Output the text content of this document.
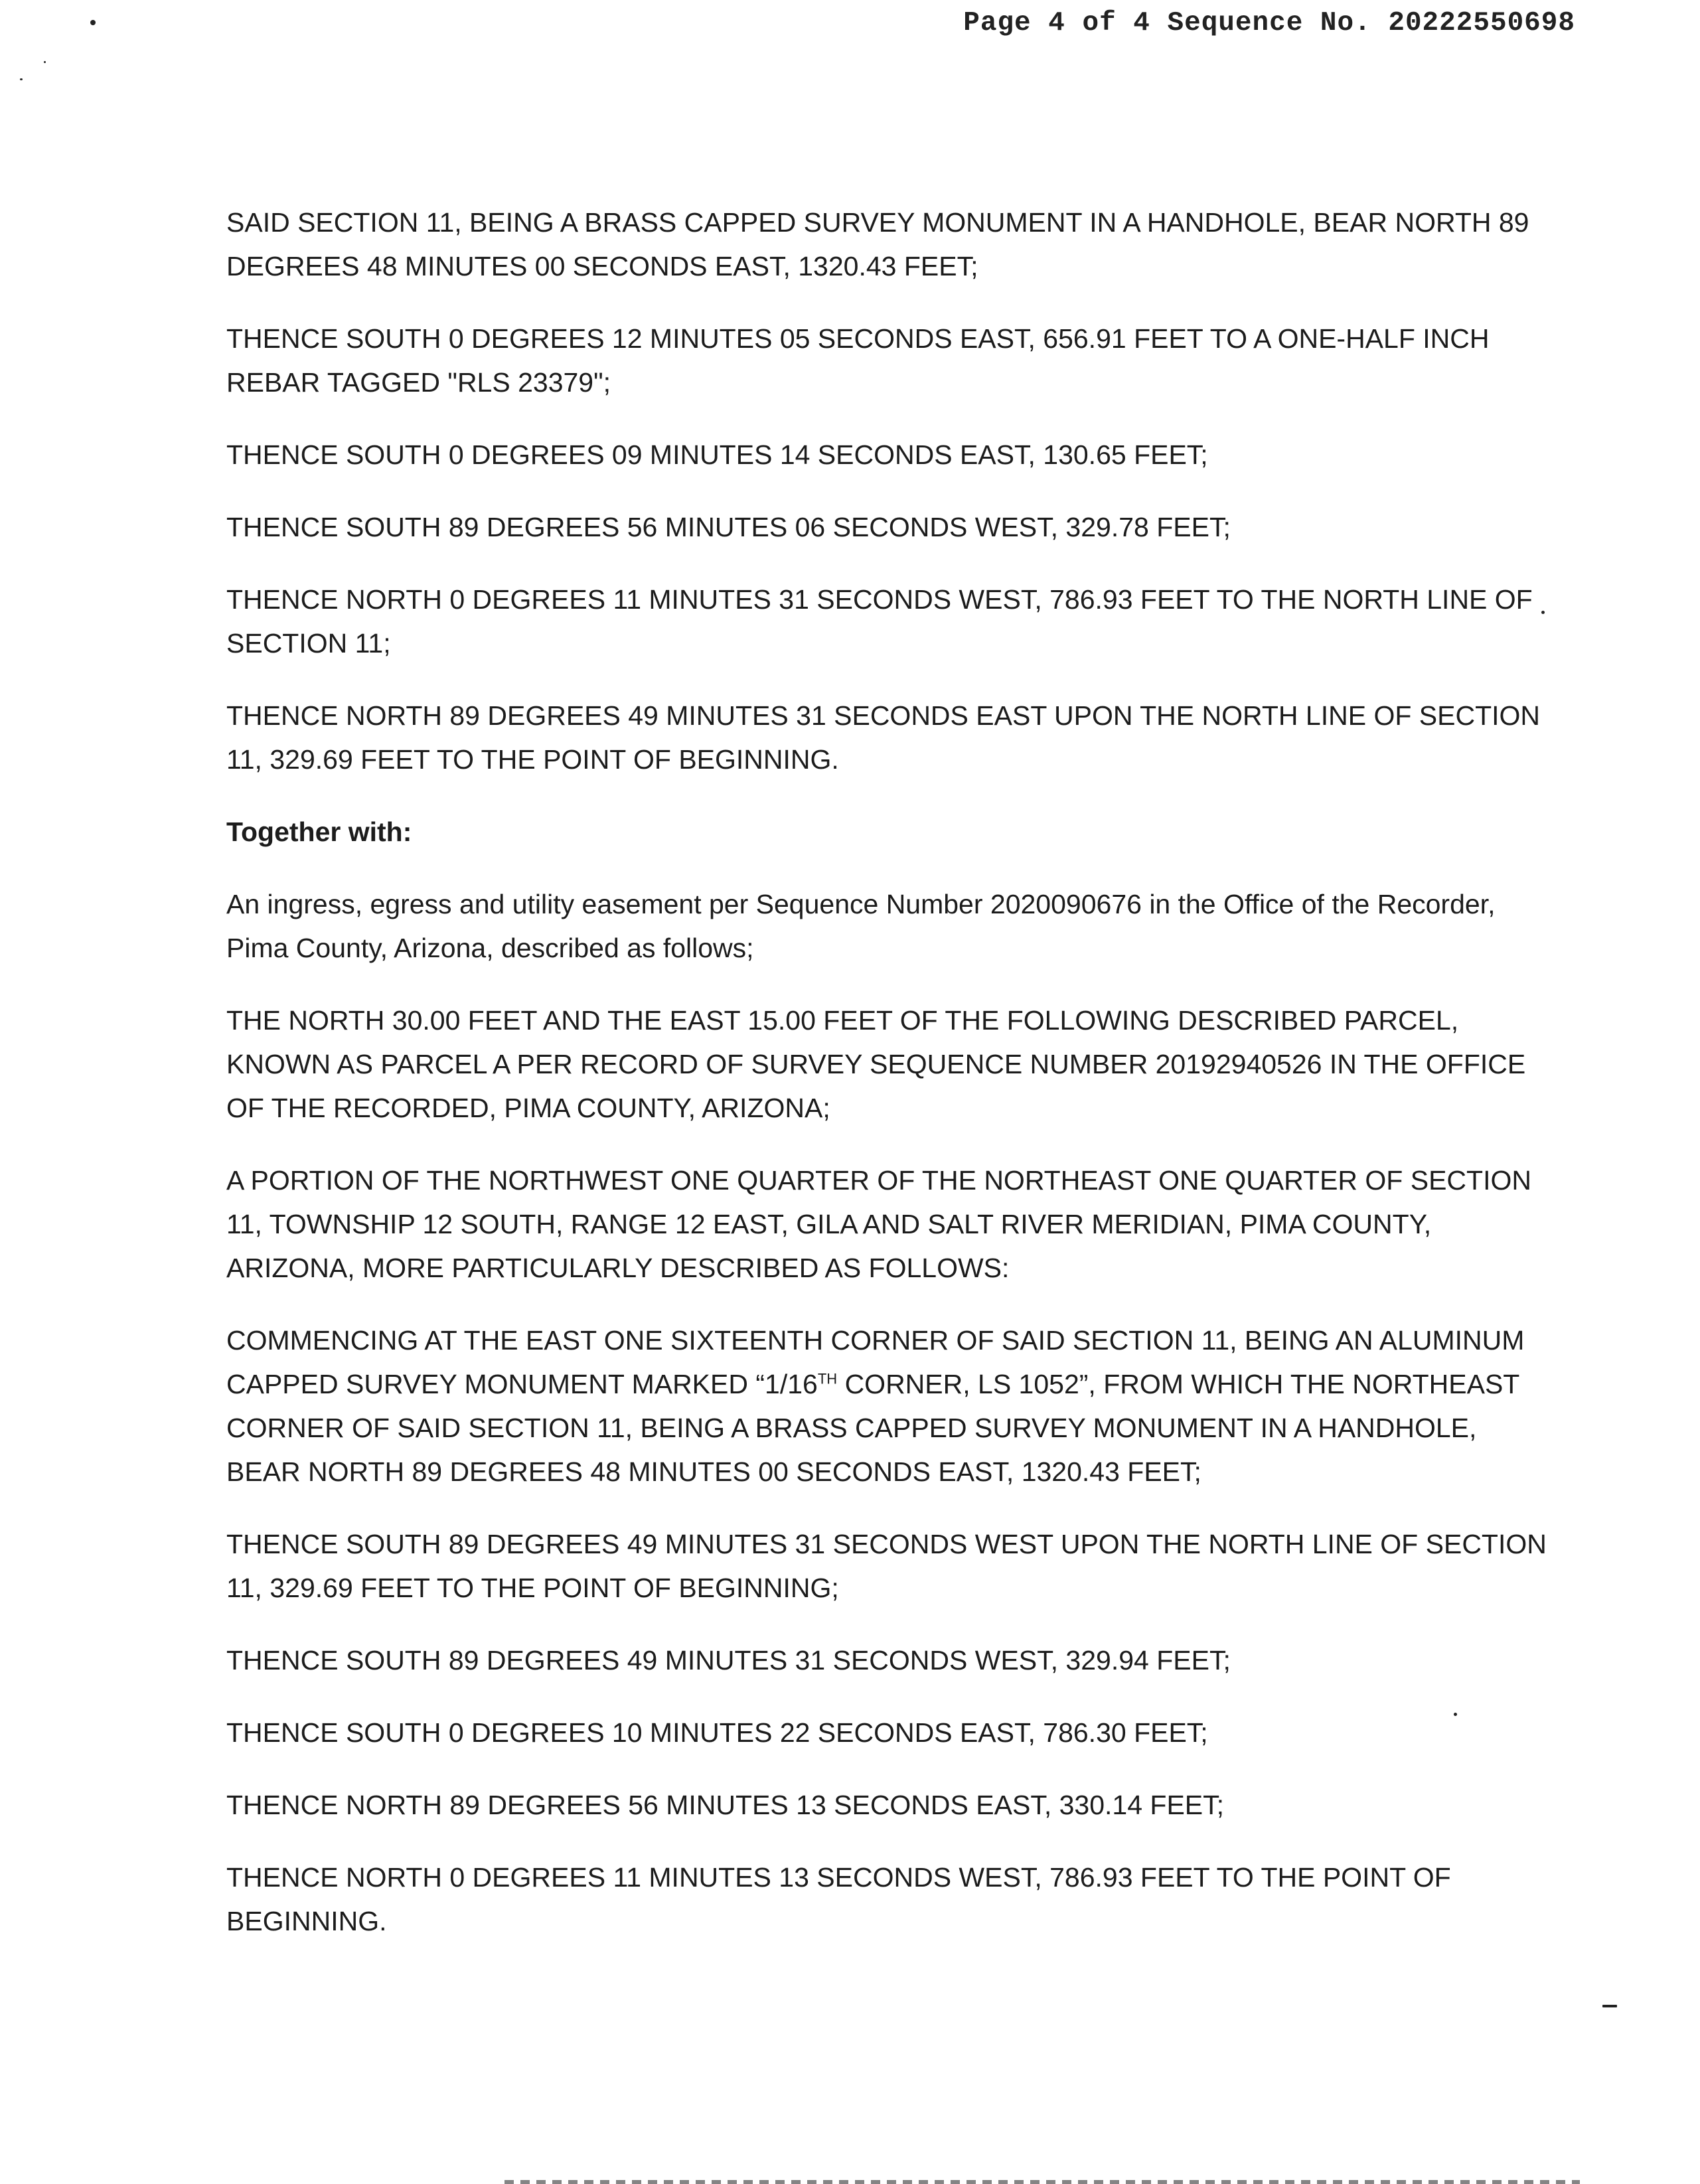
Page 4 of 4 Sequence No. 20222550698

SAID SECTION 11, BEING A BRASS CAPPED SURVEY MONUMENT IN A HANDHOLE, BEAR NORTH 89 DEGREES 48 MINUTES 00 SECONDS EAST, 1320.43 FEET;

THENCE SOUTH 0 DEGREES 12 MINUTES 05 SECONDS EAST, 656.91 FEET TO A ONE-HALF INCH REBAR TAGGED "RLS 23379";

THENCE SOUTH 0 DEGREES 09 MINUTES 14 SECONDS EAST, 130.65 FEET;

THENCE SOUTH 89 DEGREES 56 MINUTES 06 SECONDS WEST, 329.78 FEET;

THENCE NORTH 0 DEGREES 11 MINUTES 31 SECONDS WEST, 786.93 FEET TO THE NORTH LINE OF SECTION 11;

THENCE NORTH 89 DEGREES 49 MINUTES 31 SECONDS EAST UPON THE NORTH LINE OF SECTION 11, 329.69 FEET TO THE POINT OF BEGINNING.

Together with:

An ingress, egress and utility easement per Sequence Number 2020090676 in the Office of the Recorder, Pima County, Arizona, described as follows;

THE NORTH 30.00 FEET AND THE EAST 15.00 FEET OF THE FOLLOWING DESCRIBED PARCEL, KNOWN AS PARCEL A PER RECORD OF SURVEY SEQUENCE NUMBER 20192940526 IN THE OFFICE OF THE RECORDED, PIMA COUNTY, ARIZONA;

A PORTION OF THE NORTHWEST ONE QUARTER OF THE NORTHEAST ONE QUARTER OF SECTION 11, TOWNSHIP 12 SOUTH, RANGE 12 EAST, GILA AND SALT RIVER MERIDIAN, PIMA COUNTY, ARIZONA, MORE PARTICULARLY DESCRIBED AS FOLLOWS:

COMMENCING AT THE EAST ONE SIXTEENTH CORNER OF SAID SECTION 11, BEING AN ALUMINUM CAPPED SURVEY MONUMENT MARKED “1/16TH CORNER, LS 1052”, FROM WHICH THE NORTHEAST CORNER OF SAID SECTION 11, BEING A BRASS CAPPED SURVEY MONUMENT IN A HANDHOLE, BEAR NORTH 89 DEGREES 48 MINUTES 00 SECONDS EAST, 1320.43 FEET;

THENCE SOUTH 89 DEGREES 49 MINUTES 31 SECONDS WEST UPON THE NORTH LINE OF SECTION 11, 329.69 FEET TO THE POINT OF BEGINNING;

THENCE SOUTH 89 DEGREES 49 MINUTES 31 SECONDS WEST, 329.94 FEET;

THENCE SOUTH 0 DEGREES 10 MINUTES 22 SECONDS EAST, 786.30 FEET;

THENCE NORTH 89 DEGREES 56 MINUTES 13 SECONDS EAST, 330.14 FEET;

THENCE NORTH 0 DEGREES 11 MINUTES 13 SECONDS WEST, 786.93 FEET TO THE POINT OF BEGINNING.
